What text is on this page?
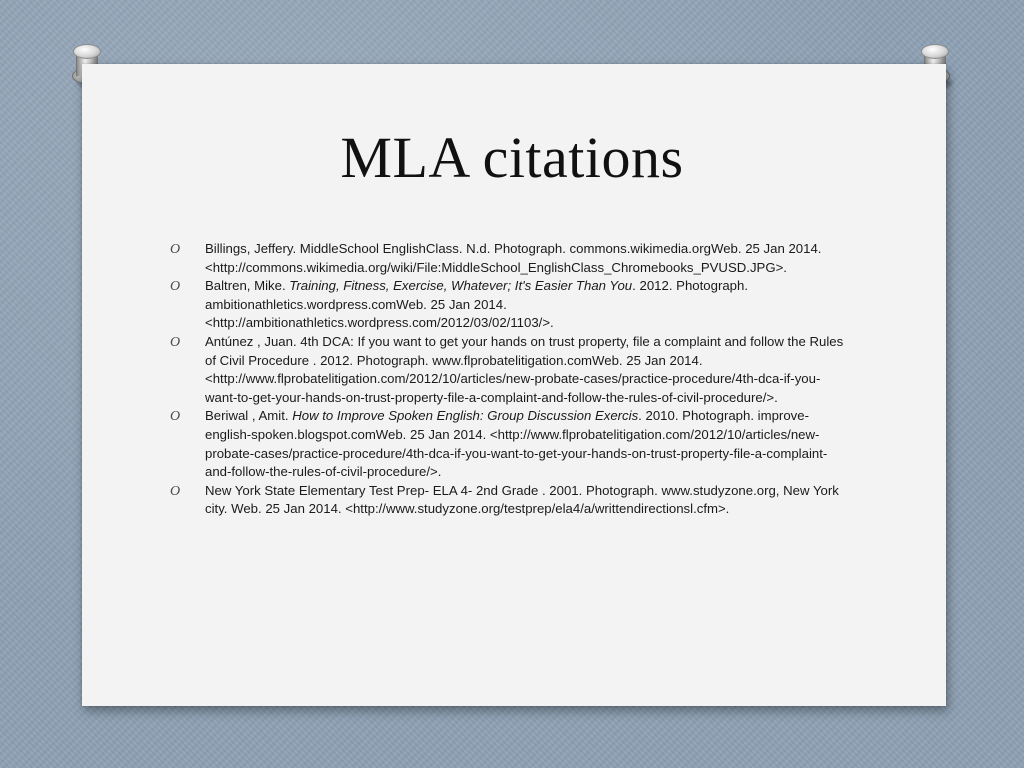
MLA citations
O Billings, Jeffery. MiddleSchool EnglishClass. N.d. Photograph. commons.wikimedia.orgWeb. 25 Jan 2014. <http://commons.wikimedia.org/wiki/File:MiddleSchool_EnglishClass_Chromebooks_PVUSD.JPG>.
O Baltren, Mike. Training, Fitness, Exercise, Whatever; It's Easier Than You. 2012. Photograph. ambitionathletics.wordpress.comWeb. 25 Jan 2014. <http://ambitionathletics.wordpress.com/2012/03/02/1103/>.
O Antúnez , Juan. 4th DCA: If you want to get your hands on trust property, file a complaint and follow the Rules of Civil Procedure . 2012. Photograph. www.flprobatelitigation.comWeb. 25 Jan 2014. <http://www.flprobatelitigation.com/2012/10/articles/new-probate-cases/practice-procedure/4th-dca-if-you-want-to-get-your-hands-on-trust-property-file-a-complaint-and-follow-the-rules-of-civil-procedure/>.
O Beriwal , Amit. How to Improve Spoken English: Group Discussion Exercis. 2010. Photograph. improve-english-spoken.blogspot.comWeb. 25 Jan 2014. <http://www.flprobatelitigation.com/2012/10/articles/new-probate-cases/practice-procedure/4th-dca-if-you-want-to-get-your-hands-on-trust-property-file-a-complaint-and-follow-the-rules-of-civil-procedure/>.
O New York State Elementary Test Prep- ELA 4- 2nd Grade . 2001. Photograph. www.studyzone.org, New York city. Web. 25 Jan 2014. <http://www.studyzone.org/testprep/ela4/a/writtendirectionsl.cfm>.
